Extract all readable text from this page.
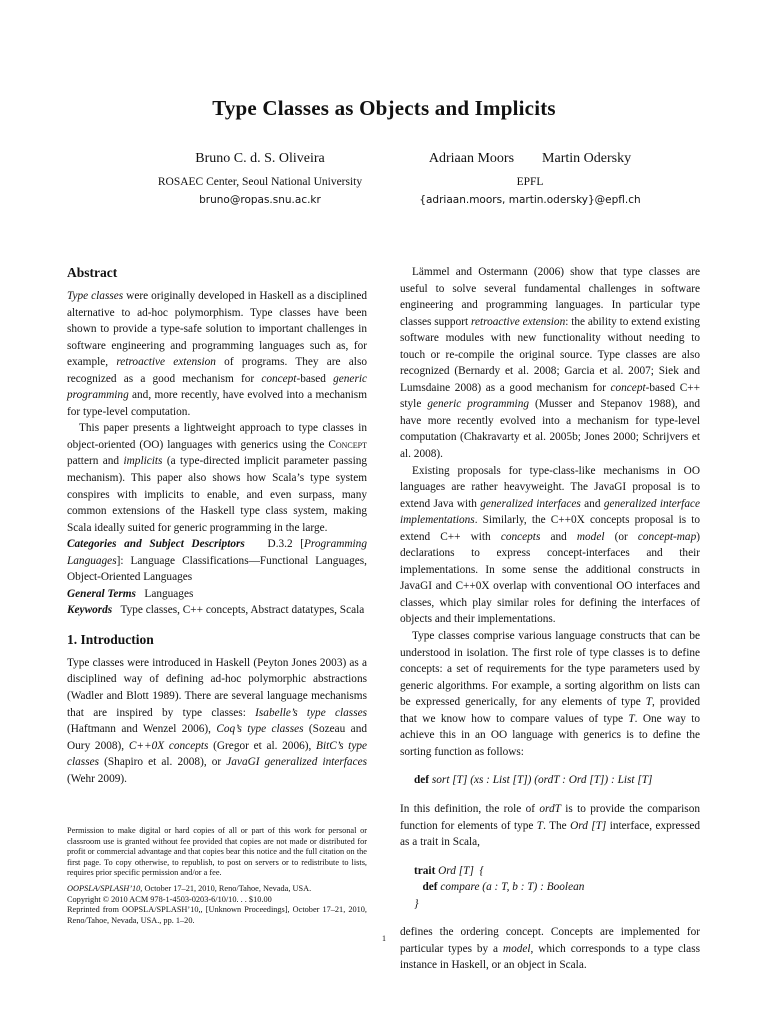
Type Classes as Objects and Implicits
Bruno C. d. S. Oliveira
ROSAEC Center, Seoul National University
bruno@ropas.snu.ac.kr
Adriaan Moors Martin Odersky
EPFL
{adriaan.moors, martin.odersky}@epfl.ch
Abstract

Type classes were originally developed in Haskell as a disciplined alternative to ad-hoc polymorphism. Type classes have been shown to provide a type-safe solution to important challenges in software engineering and programming languages such as, for example, retroactive extension of programs. They are also recognized as a good mechanism for concept-based generic programming and, more recently, have evolved into a mechanism for type-level computation.

This paper presents a lightweight approach to type classes in object-oriented (OO) languages with generics using the Concept pattern and implicits (a type-directed implicit parameter passing mechanism). This paper also shows how Scala’s type system conspires with implicits to enable, and even surpass, many common extensions of the Haskell type class system, making Scala ideally suited for generic programming in the large.

Categories and Subject Descriptors D.3.2 [Programming Languages]: Language Classifications—Functional Languages, Object-Oriented Languages

General Terms Languages

Keywords Type classes, C++ concepts, Abstract datatypes, Scala

1. Introduction

Type classes were introduced in Haskell (Peyton Jones 2003) as a disciplined way of defining ad-hoc polymorphic abstractions (Wadler and Blott 1989). There are several language mechanisms that are inspired by type classes: Isabelle’s type classes (Haftmann and Wenzel 2006), Coq’s type classes (Sozeau and Oury 2008), C++0X concepts (Gregor et al. 2006), BitC’s type classes (Shapiro et al. 2008), or JavaGI generalized interfaces (Wehr 2009).

Permission to make digital or hard copies of all or part of this work for personal or classroom use is granted without fee provided that copies are not made or distributed for profit or commercial advantage and that copies bear this notice and the full citation on the first page. To copy otherwise, to republish, to post on servers or to redistribute to lists, requires prior specific permission and/or a fee.
OOPSLA/SPLASH’10, October 17–21, 2010, Reno/Tahoe, Nevada, USA.
Copyright © 2010 ACM 978-1-4503-0203-6/10/10. . . $10.00
Reprinted from OOPSLA/SPLASH’10,, [Unknown Proceedings], October 17–21, 2010, Reno/Tahoe, Nevada, USA., pp. 1–20.

Lämmel and Ostermann (2006) show that type classes are useful to solve several fundamental challenges in software engineering and programming languages. In particular type classes support retroactive extension: the ability to extend existing software modules with new functionality without needing to touch or re-compile the original source. Type classes are also recognized (Bernardy et al. 2008; Garcia et al. 2007; Siek and Lumsdaine 2008) as a good mechanism for concept-based C++ style generic programming (Musser and Stepanov 1988), and have more recently evolved into a mechanism for type-level computation (Chakravarty et al. 2005b; Jones 2000; Schrijvers et al. 2008).

Existing proposals for type-class-like mechanisms in OO languages are rather heavyweight. The JavaGI proposal is to extend Java with generalized interfaces and generalized interface implementations. Similarly, the C++0X concepts proposal is to extend C++ with concepts and model (or concept-map) declarations to express concept-interfaces and their implementations. In some sense the additional constructs in JavaGI and C++0X overlap with conventional OO interfaces and classes, which play similar roles for defining the interfaces of objects and their implementations.

Type classes comprise various language constructs that can be understood in isolation. The first role of type classes is to define concepts: a set of requirements for the type parameters used by generic algorithms. For example, a sorting algorithm on lists can be expressed generically, for any elements of type T, provided that we know how to compare values of type T. One way to achieve this in an OO language with generics is to define the sorting function as follows:

def sort [T] (xs : List [T]) (ordT : Ord [T]) : List [T]

In this definition, the role of ordT is to provide the comparison function for elements of type T. The Ord [T] interface, expressed as a trait in Scala,

trait Ord [T]  {
def compare (a : T, b : T) : Boolean
}

defines the ordering concept. Concepts are implemented for particular types by a model, which corresponds to a type class instance in Haskell, or an object in Scala.

1
